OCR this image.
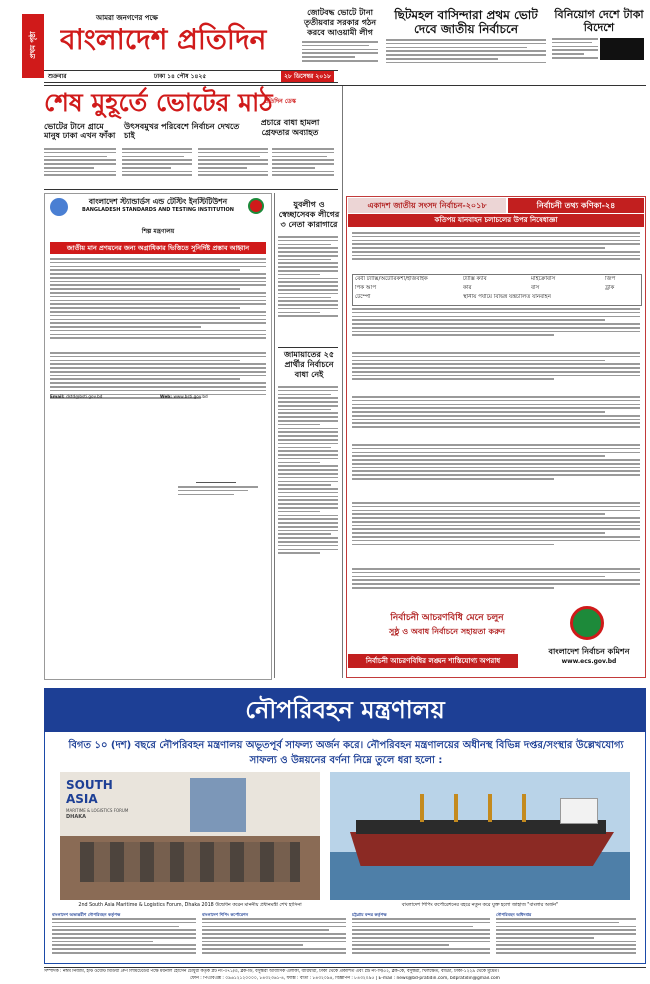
প্রথম পৃষ্ঠা
আমরা জনগণের পক্ষে
বাংলাদেশ প্রতিদিন
শুক্রবার	ঢাকা ১৪ পৌষ ১৪২৫	২৮ ডিসেম্বর ২০১৮
জোটবদ্ধ ভোটে টানা তৃতীয়বার সরকার গঠন করবে আওয়ামী লীগ
ছিটমহল বাসিন্দারা প্রথম ভোট দেবে জাতীয় নির্বাচনে
বিনিয়োগ দেশে টাকা বিদেশে
শেষ মুহূর্তে ভোটের মাঠ
উৎসবমুখর পরিবেশে নির্বাচন দেখতে চাই
ভোটের টানে গ্রামে মানুষ ঢাকা এখন ফাঁকা
প্রচারে বাধা হামলা গ্রেফতার অব্যাহত
প্রতিদিন ডেস্ক
বাংলাদেশ স্ট্যান্ডার্ডস এন্ড টেস্টিং ইনস্টিটিউশন
BANGLADESH STANDARDS AND TESTING INSTITUTION
শিল্প মন্ত্রণালয়
জাতীয় মান প্রণয়নের জন্য অগ্রাধিকার ভিত্তিতে সুনির্দিষ্ট প্রস্তাব আহ্বান
Email: dstd@bsti.gov.bd	Web: www.bsti.gov.bd
যুবলীগ ও স্বেচ্ছাসেবক লীগের ৩ নেতা কারাগারে
জামায়াতের ২৫ প্রার্থীর নির্বাচনে বাধা নেই
একাদশ জাতীয় সংসদ নির্বাচন-২০১৮	নির্বাচনী তথ্য কণিকা-২৪
কতিপয় যানবাহন চলাচলের উপর নিষেধাজ্ঞা
বেবী ট্যাক্সি/অটোরিকশা/ইজিবাইক	ট্যাক্সি ক্যাব	মাইক্রোবাস	জিপ
পিক আপ	কার	বাস	ট্রাক
টেম্পো	স্থানীয় পর্যায়ে বিভিন্ন যন্ত্রচালিত যানবাহন
নির্বাচনী আচরণবিধি মেনে চলুন
সুষ্ঠু ও অবাধ নির্বাচনে সহায়তা করুন
নির্বাচনী আচরণবিধির লঙ্ঘন শাস্তিযোগ্য অপরাধ
বাংলাদেশ নির্বাচন কমিশন
www.ecs.gov.bd
নৌপরিবহন মন্ত্রণালয়
বিগত ১০ (দশ) বছরে নৌপরিবহন মন্ত্রণালয় অভূতপূর্ব সাফল্য অর্জন করে। নৌপরিবহন মন্ত্রণালয়ের অধীনস্থ বিভিন্ন দপ্তর/সংস্থার উল্লেখযোগ্য সাফল্য ও উন্নয়নের বর্ণনা নিম্নে তুলে ধরা হলো :
SOUTH
ASIA
MARITIME & LOGISTICS FORUM
DHAKA
2nd South Asia Maritime & Logistics Forum, Dhaka 2018 উদ্বোধন করেন মাননীয় প্রধানমন্ত্রী শেখ হাসিনা	বাংলাদেশ শিপিং কর্পোরেশনের বহরে নতুন করে যুক্ত হলো জাহাজ "বাংলার অর্জন"
বাংলাদেশ অভ্যন্তরীণ নৌপরিবহন কর্তৃপক্ষ	বাংলাদেশ শিপিং কর্পোরেশন	চট্টগ্রাম বন্দর কর্তৃপক্ষ	নৌপরিবহন অধিদপ্তর
সম্পাদক : নঈম নিজাম, ইস্ট ওয়েস্ট মিডিয়া গ্রুপ লিমিটেডের পক্ষে ময়নাল হোসেন চৌধুরী কর্তৃক প্লট নং-৩৭১/এ, ব্লক-ডি, বসুন্ধরা আবাসিক এলাকা, বারিধারা, ঢাকা থেকে প্রকাশিত এবং প্লট নং-সি/৫২, ব্লক-কে, বসুন্ধরা, খিলক্ষেত, বাড্ডা, ঢাকা-১২২৯ থেকে মুদ্রিত।
ফোন : পিএবিএক্স : ০৯৬১২১২০০০০, ৮৪৩২৩৬১-৪, ফ্যাক্স : বার্তা : ৮৪৩২০৯৪, বিজ্ঞাপন : ৮৪৩২০৯৫ | E-mail : news@bd-pratidin.com, bdpratidin@gmail.com
